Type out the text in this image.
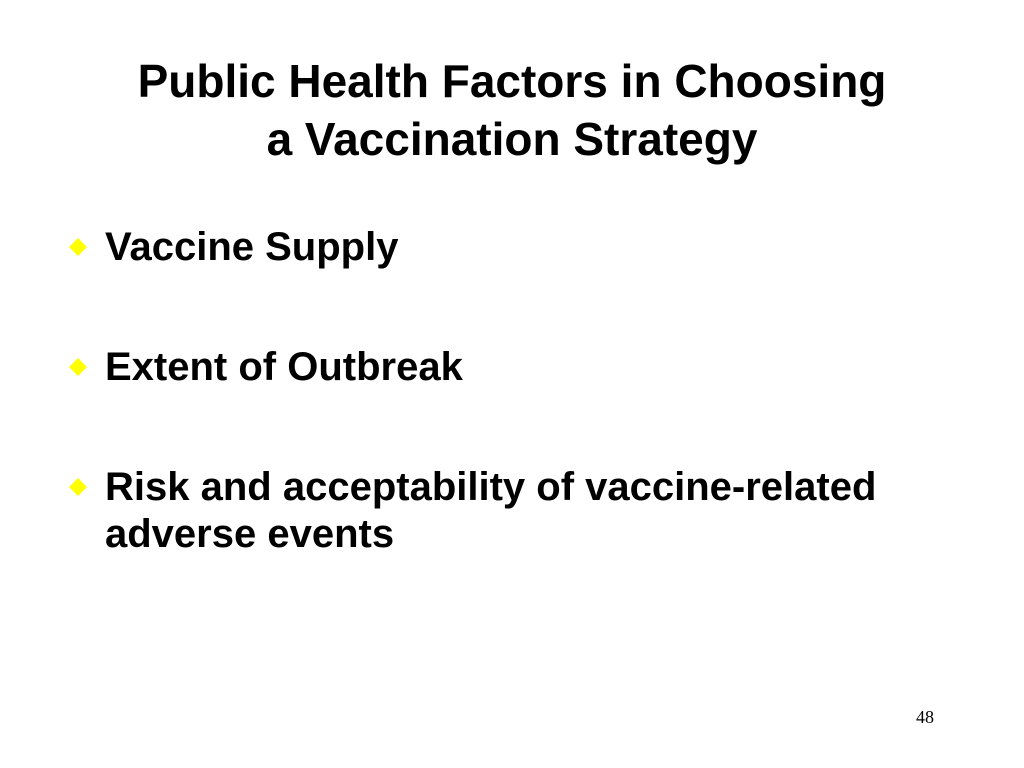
Public Health Factors in Choosing
a Vaccination Strategy
Vaccine Supply
Extent of Outbreak
Risk and acceptability of vaccine-related adverse events
48
